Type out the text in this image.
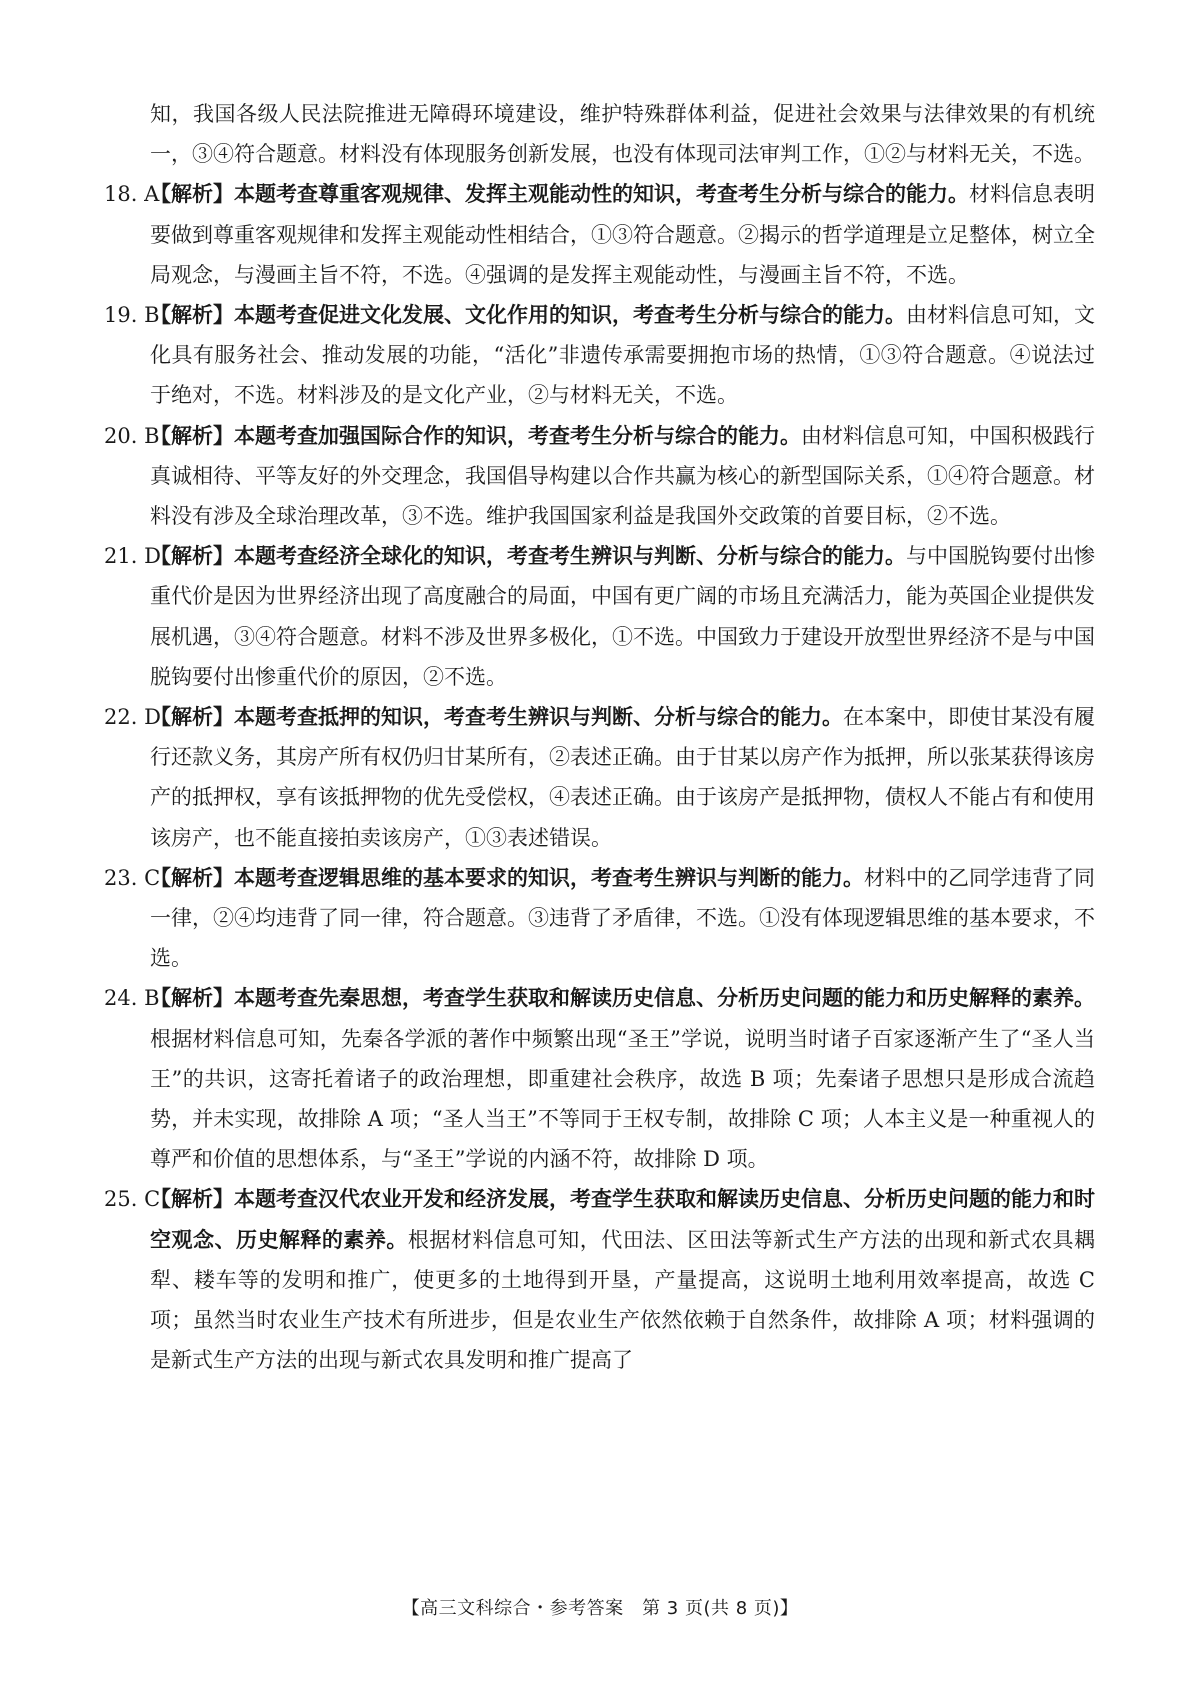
知，我国各级人民法院推进无障碍环境建设，维护特殊群体利益，促进社会效果与法律效果的有机统一，③④符合题意。材料没有体现服务创新发展，也没有体现司法审判工作，①②与材料无关，不选。

18. A
【解析】本题考查尊重客观规律、发挥主观能动性的知识，考查考生分析与综合的能力。材料信息表明要做到尊重客观规律和发挥主观能动性相结合，①③符合题意。②揭示的哲学道理是立足整体，树立全局观念，与漫画主旨不符，不选。④强调的是发挥主观能动性，与漫画主旨不符，不选。
19. B
【解析】本题考查促进文化发展、文化作用的知识，考查考生分析与综合的能力。由材料信息可知，文化具有服务社会、推动发展的功能，“活化”非遗传承需要拥抱市场的热情，①③符合题意。④说法过于绝对，不选。材料涉及的是文化产业，②与材料无关，不选。
20. B
【解析】本题考查加强国际合作的知识，考查考生分析与综合的能力。由材料信息可知，中国积极践行真诚相待、平等友好的外交理念，我国倡导构建以合作共赢为核心的新型国际关系，①④符合题意。材料没有涉及全球治理改革，③不选。维护我国国家利益是我国外交政策的首要目标，②不选。
21. D
【解析】本题考查经济全球化的知识，考查考生辨识与判断、分析与综合的能力。与中国脱钩要付出惨重代价是因为世界经济出现了高度融合的局面，中国有更广阔的市场且充满活力，能为英国企业提供发展机遇，③④符合题意。材料不涉及世界多极化，①不选。中国致力于建设开放型世界经济不是与中国脱钩要付出惨重代价的原因，②不选。
22. D
【解析】本题考查抵押的知识，考查考生辨识与判断、分析与综合的能力。在本案中，即使甘某没有履行还款义务，其房产所有权仍归甘某所有，②表述正确。由于甘某以房产作为抵押，所以张某获得该房产的抵押权，享有该抵押物的优先受偿权，④表述正确。由于该房产是抵押物，债权人不能占有和使用该房产，也不能直接拍卖该房产，①③表述错误。
23. C
【解析】本题考查逻辑思维的基本要求的知识，考查考生辨识与判断的能力。材料中的乙同学违背了同一律，②④均违背了同一律，符合题意。③违背了矛盾律，不选。①没有体现逻辑思维的基本要求，不选。
24. B
【解析】本题考查先秦思想，考查学生获取和解读历史信息、分析历史问题的能力和历史解释的素养。根据材料信息可知，先秦各学派的著作中频繁出现“圣王”学说，说明当时诸子百家逐渐产生了“圣人当王”的共识，这寄托着诸子的政治理想，即重建社会秩序，故选 B 项；先秦诸子思想只是形成合流趋势，并未实现，故排除 A 项；“圣人当王”不等同于王权专制，故排除 C 项；人本主义是一种重视人的尊严和价值的思想体系，与“圣王”学说的内涵不符，故排除 D 项。
25. C
【解析】本题考查汉代农业开发和经济发展，考查学生获取和解读历史信息、分析历史问题的能力和时空观念、历史解释的素养。根据材料信息可知，代田法、区田法等新式生产方法的出现和新式农具耦犁、耧车等的发明和推广，使更多的土地得到开垦，产量提高，这说明土地利用效率提高，故选 C 项；虽然当时农业生产技术有所进步，但是农业生产依然依赖于自然条件，故排除 A 项；材料强调的是新式生产方法的出现与新式农具发明和推广提高了
【高三文科综合・参考答案　第 3 页(共 8 页)】
